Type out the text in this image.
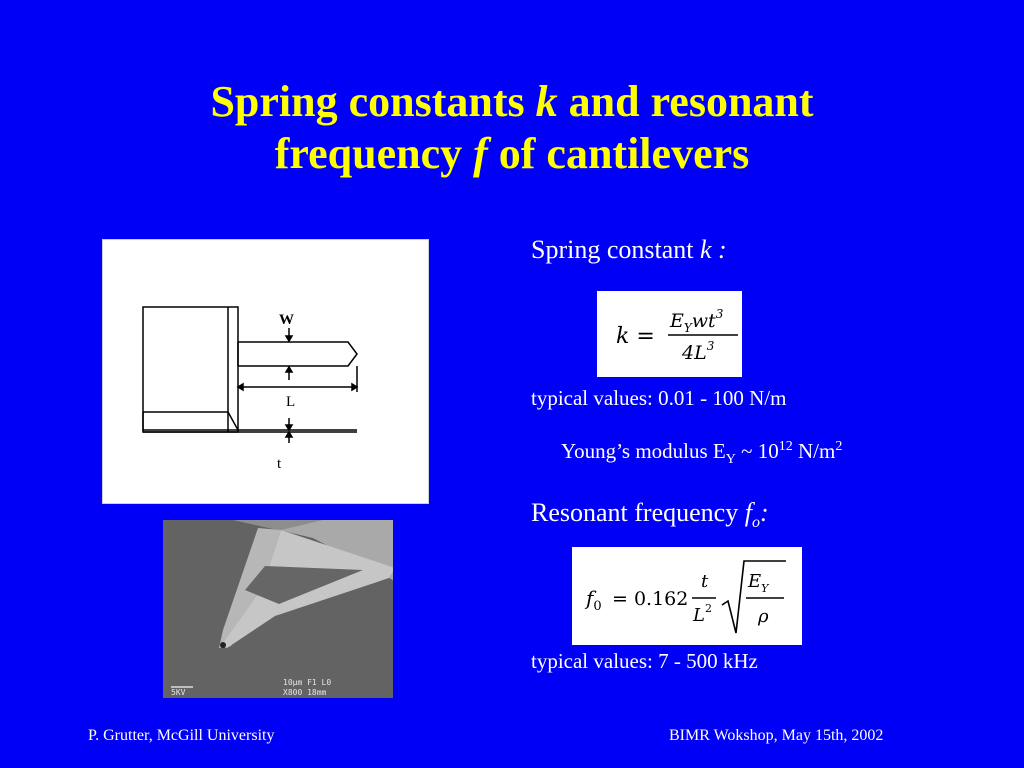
Spring constants k and resonant
frequency f of cantilevers
W
L
t
5KV
10µm F1 L0
X800 18mm
Spring constant k :
k =
$E_Ywt^3$
$4L^3$
typical values: 0.01 - 100 N/m
Young’s modulus $E_Y$ ~ $10^{12}$ $N/m^2$
Resonant frequency $f_o$:
$f_0 = 0.162$
t
$L^2$
$E_Y$
ρ
typical values: 7 - 500 kHz
P. Grutter, McGill University	BIMR Wokshop, May 15th, 2002
